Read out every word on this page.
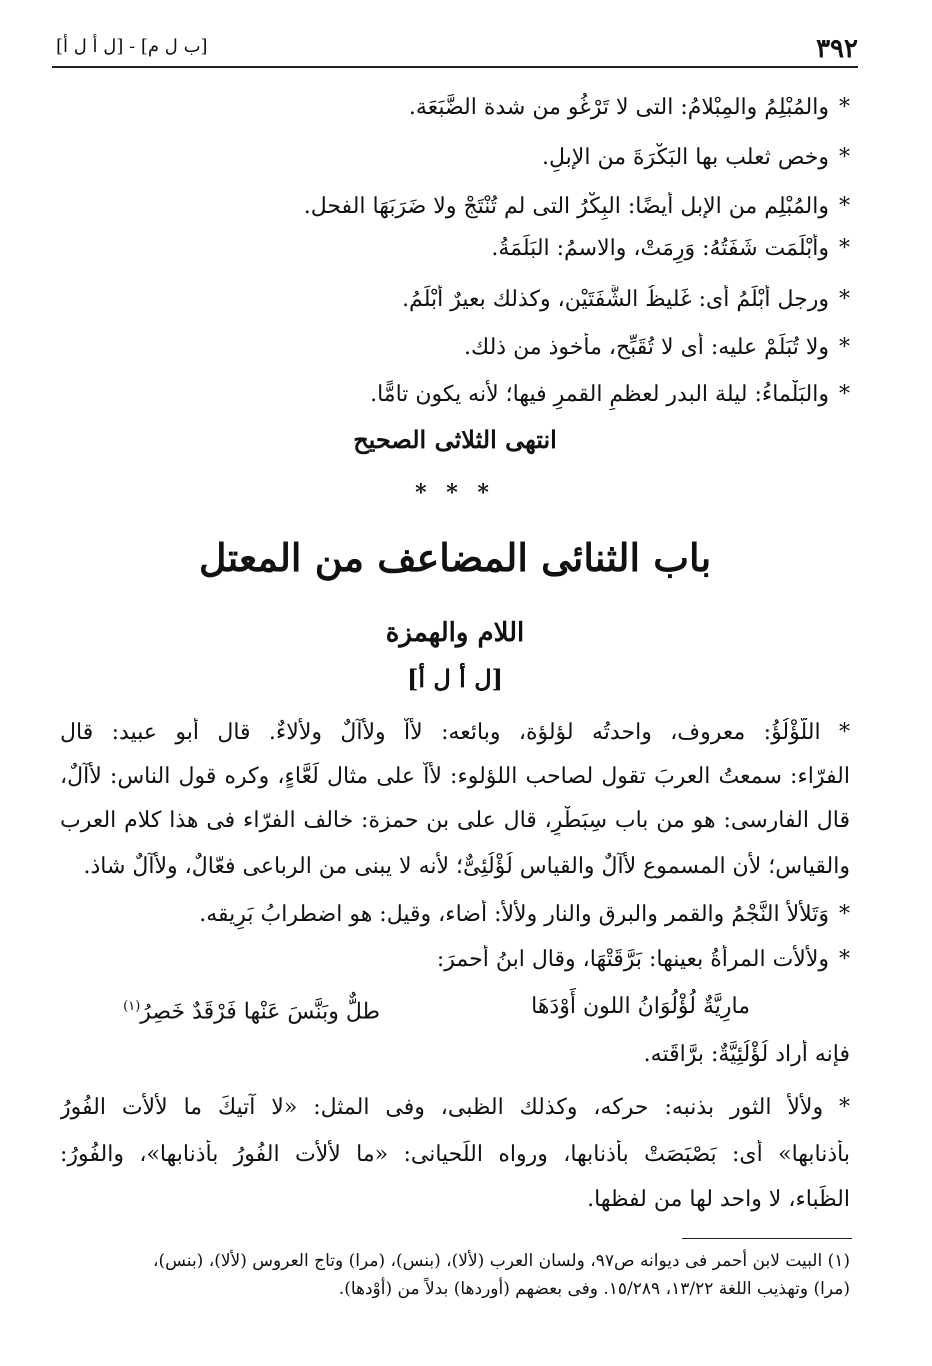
٣٩٢
[ب ل م] - [ل أ ل أ]
*والمُبْلِمُ والمِبْلامُ: التى لا تَرْغُو من شدة الضَّبَعَة.
*وخص ثعلب بها البَكْرَةَ من الإبلِ.
*والمُبْلِم من الإبل أيضًا: البِكْرُ التى لم تُنْتَجْ ولا ضَرَبَهَا الفحل.
*وأبْلَمَت شَفَتُهُ: وَرِمَتْ، والاسمُ: البَلَمَةُ.
*ورجل أَبْلَمُ أى: غَليظُ الشَّفَتَيْن، وكذلك بعيرٌ أَبْلَمُ.
*ولا تُبَلِّمْ عليه: أى لا تُقَبِّح، مأخوذ من ذلك.
*والبَلْماءُ: ليلة البدر لعظمِ القمرِ فيها؛ لأنه يكون تامًّا.
انتهى الثلاثى الصحيح
* * *
باب الثنائى المضاعف من المعتل
اللام والهمزة
[ل أ ل أ]
* اللُّؤْلُؤُ: معروف، واحدتُه لؤلؤة، وبائعه: لأَّاٌ ولأآلٌ ولألاءٌ. قال أبو عبيد: قال
الفرّاء: سمعتُ العربَ تقول لصاحب اللؤلوء: لأَّاٌ على مثال لَعَّاءٍ، وكره قول الناس: لأآلٌ،
قال الفارسى: هو من باب سِبَطْرٍ، قال على بن حمزة: خالف الفرّاء فى هذا كلام العرب
والقياس؛ لأن المسموع لأآلٌ والقياس لُؤْلُئِىٌّ؛ لأنه لا يبنى من الرباعى فعّالٌ، ولأآلٌ شاذ.
*وَتَلألأَ النَّجْمُ والقمر والبرق والنار ولألأَ: أضاء، وقيل: هو اضطرابُ بَرِيقه.
*ولألأت المرأةُ بعينها: بَرَّقَتْهَا، وقال ابنُ أحمرَ:
مارِيَّةٌ لُؤْلُوَانُ اللون أَوْدَهَا
طلٌّ وبَنَّسَ عَنْها فَرْقَدٌ خَصِرُ$^{(١)}$
فإنه أراد لُؤْلُئِيَّةٌ: برَّاقَته.
* ولألأ الثور بذنبه: حركه، وكذلك الظبى، وفى المثل: «لا آتيكَ ما لألأَت الفُورُ
بأذنابها» أى: بَصْبَصَتْ بأذنابها، ورواه اللِّحيانى: «ما لألأَت الفُورُ بأذنابها»، والفُورُ:
الظِّباء، لا واحد لها من لفظها.
(١) البيت لابن أحمر فى ديوانه ص٩٧، ولسان العرب (لألا)، (بنس)، (مرا) وتاج العروس (لألا)، (بنس)،
(مرا) وتهذيب اللغة ١٣/٢٢، ١٥/٢٨٩. وفى بعضهم (أوردها) بدلاً من (أوْدها).
